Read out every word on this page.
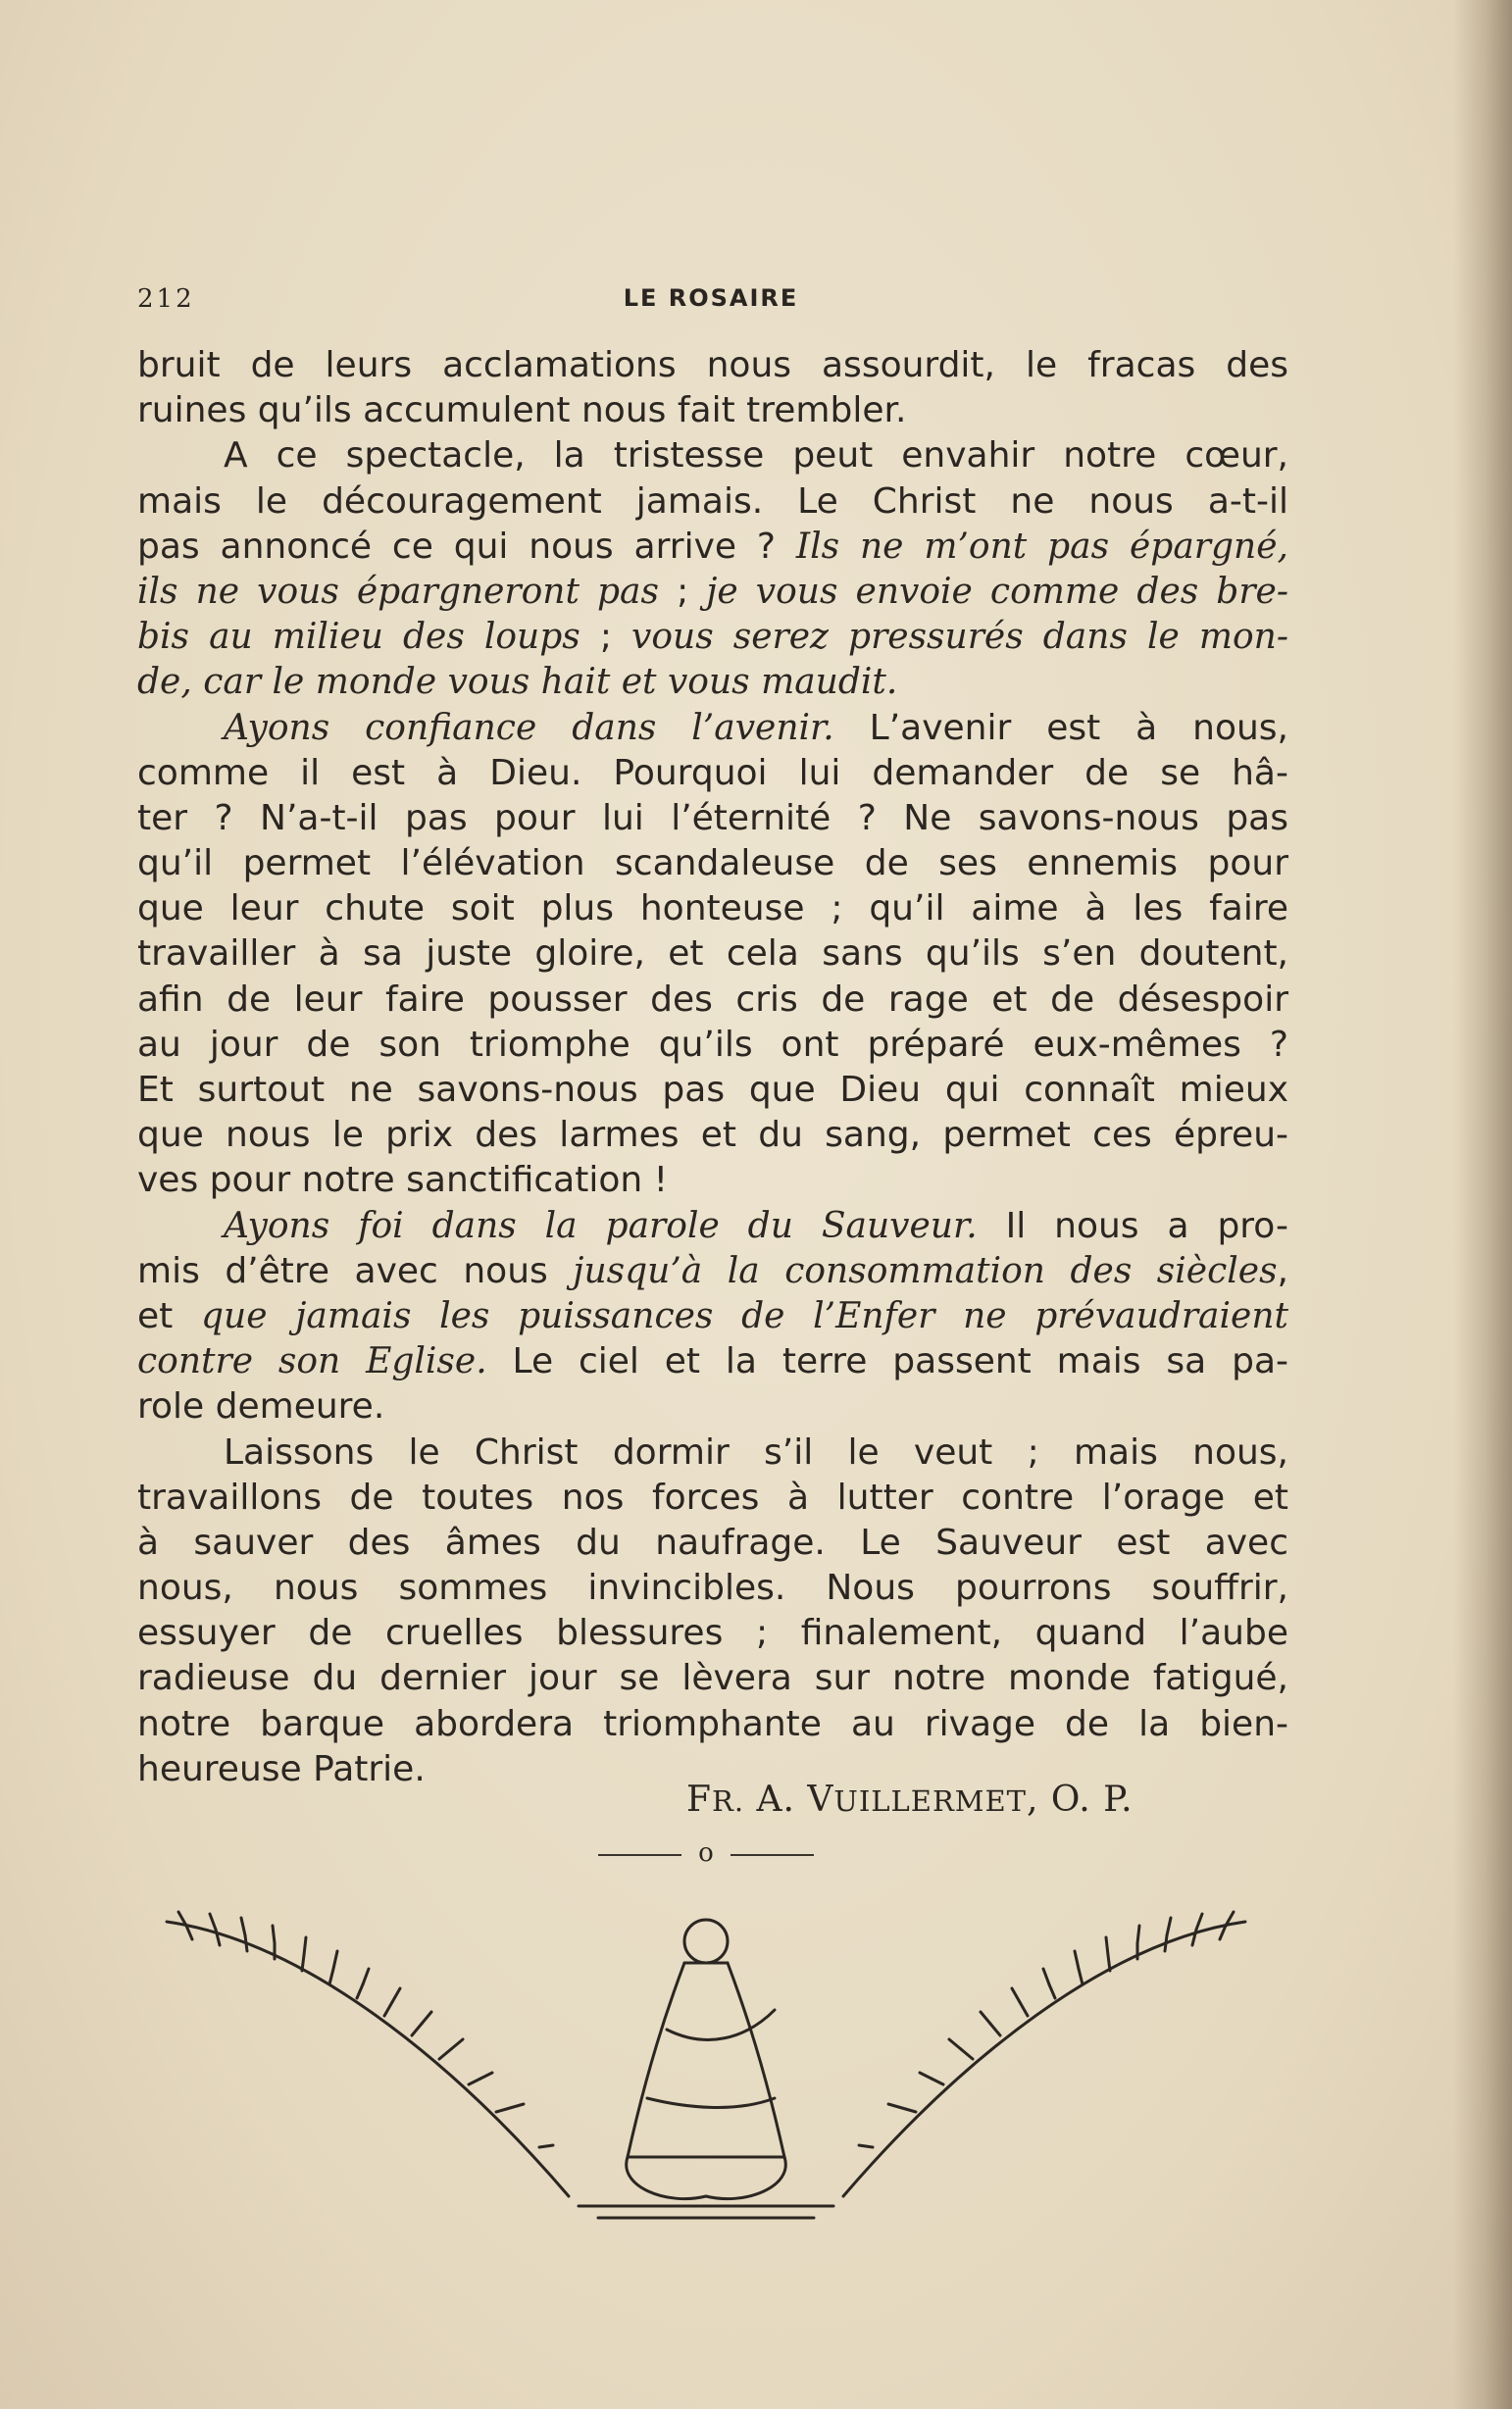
212	LE ROSAIRE
bruit de leurs acclamations nous assourdit, le fracas des
ruines qu’ils accumulent nous fait trembler.
A ce spectacle, la tristesse peut envahir notre cœur,
mais le découragement jamais. Le Christ ne nous a-t-il
pas annoncé ce qui nous arrive ? Ils ne m’ont pas épargné,
ils ne vous épargneront pas ; je vous envoie comme des bre-
bis au milieu des loups ; vous serez pressurés dans le mon-
de, car le monde vous hait et vous maudit.
Ayons confiance dans l’avenir. L’avenir est à nous,
comme il est à Dieu. Pourquoi lui demander de se hâ-
ter ? N’a-t-il pas pour lui l’éternité ? Ne savons-nous pas
qu’il permet l’élévation scandaleuse de ses ennemis pour
que leur chute soit plus honteuse ; qu’il aime à les faire
travailler à sa juste gloire, et cela sans qu’ils s’en doutent,
afin de leur faire pousser des cris de rage et de désespoir
au jour de son triomphe qu’ils ont préparé eux-mêmes ?
Et surtout ne savons-nous pas que Dieu qui connaît mieux
que nous le prix des larmes et du sang, permet ces épreu-
ves pour notre sanctification !
Ayons foi dans la parole du Sauveur. Il nous a pro-
mis d’être avec nous jusqu’à la consommation des siècles,
et que jamais les puissances de l’Enfer ne prévaudraient
contre son Eglise. Le ciel et la terre passent mais sa pa-
role demeure.
Laissons le Christ dormir s’il le veut ; mais nous,
travaillons de toutes nos forces à lutter contre l’orage et
à sauver des âmes du naufrage. Le Sauveur est avec
nous, nous sommes invincibles. Nous pourrons souffrir,
essuyer de cruelles blessures ; finalement, quand l’aube
radieuse du dernier jour se lèvera sur notre monde fatigué,
notre barque abordera triomphante au rivage de la bien-
heureuse Patrie.
FR. A. VUILLERMET, O. P.
o
